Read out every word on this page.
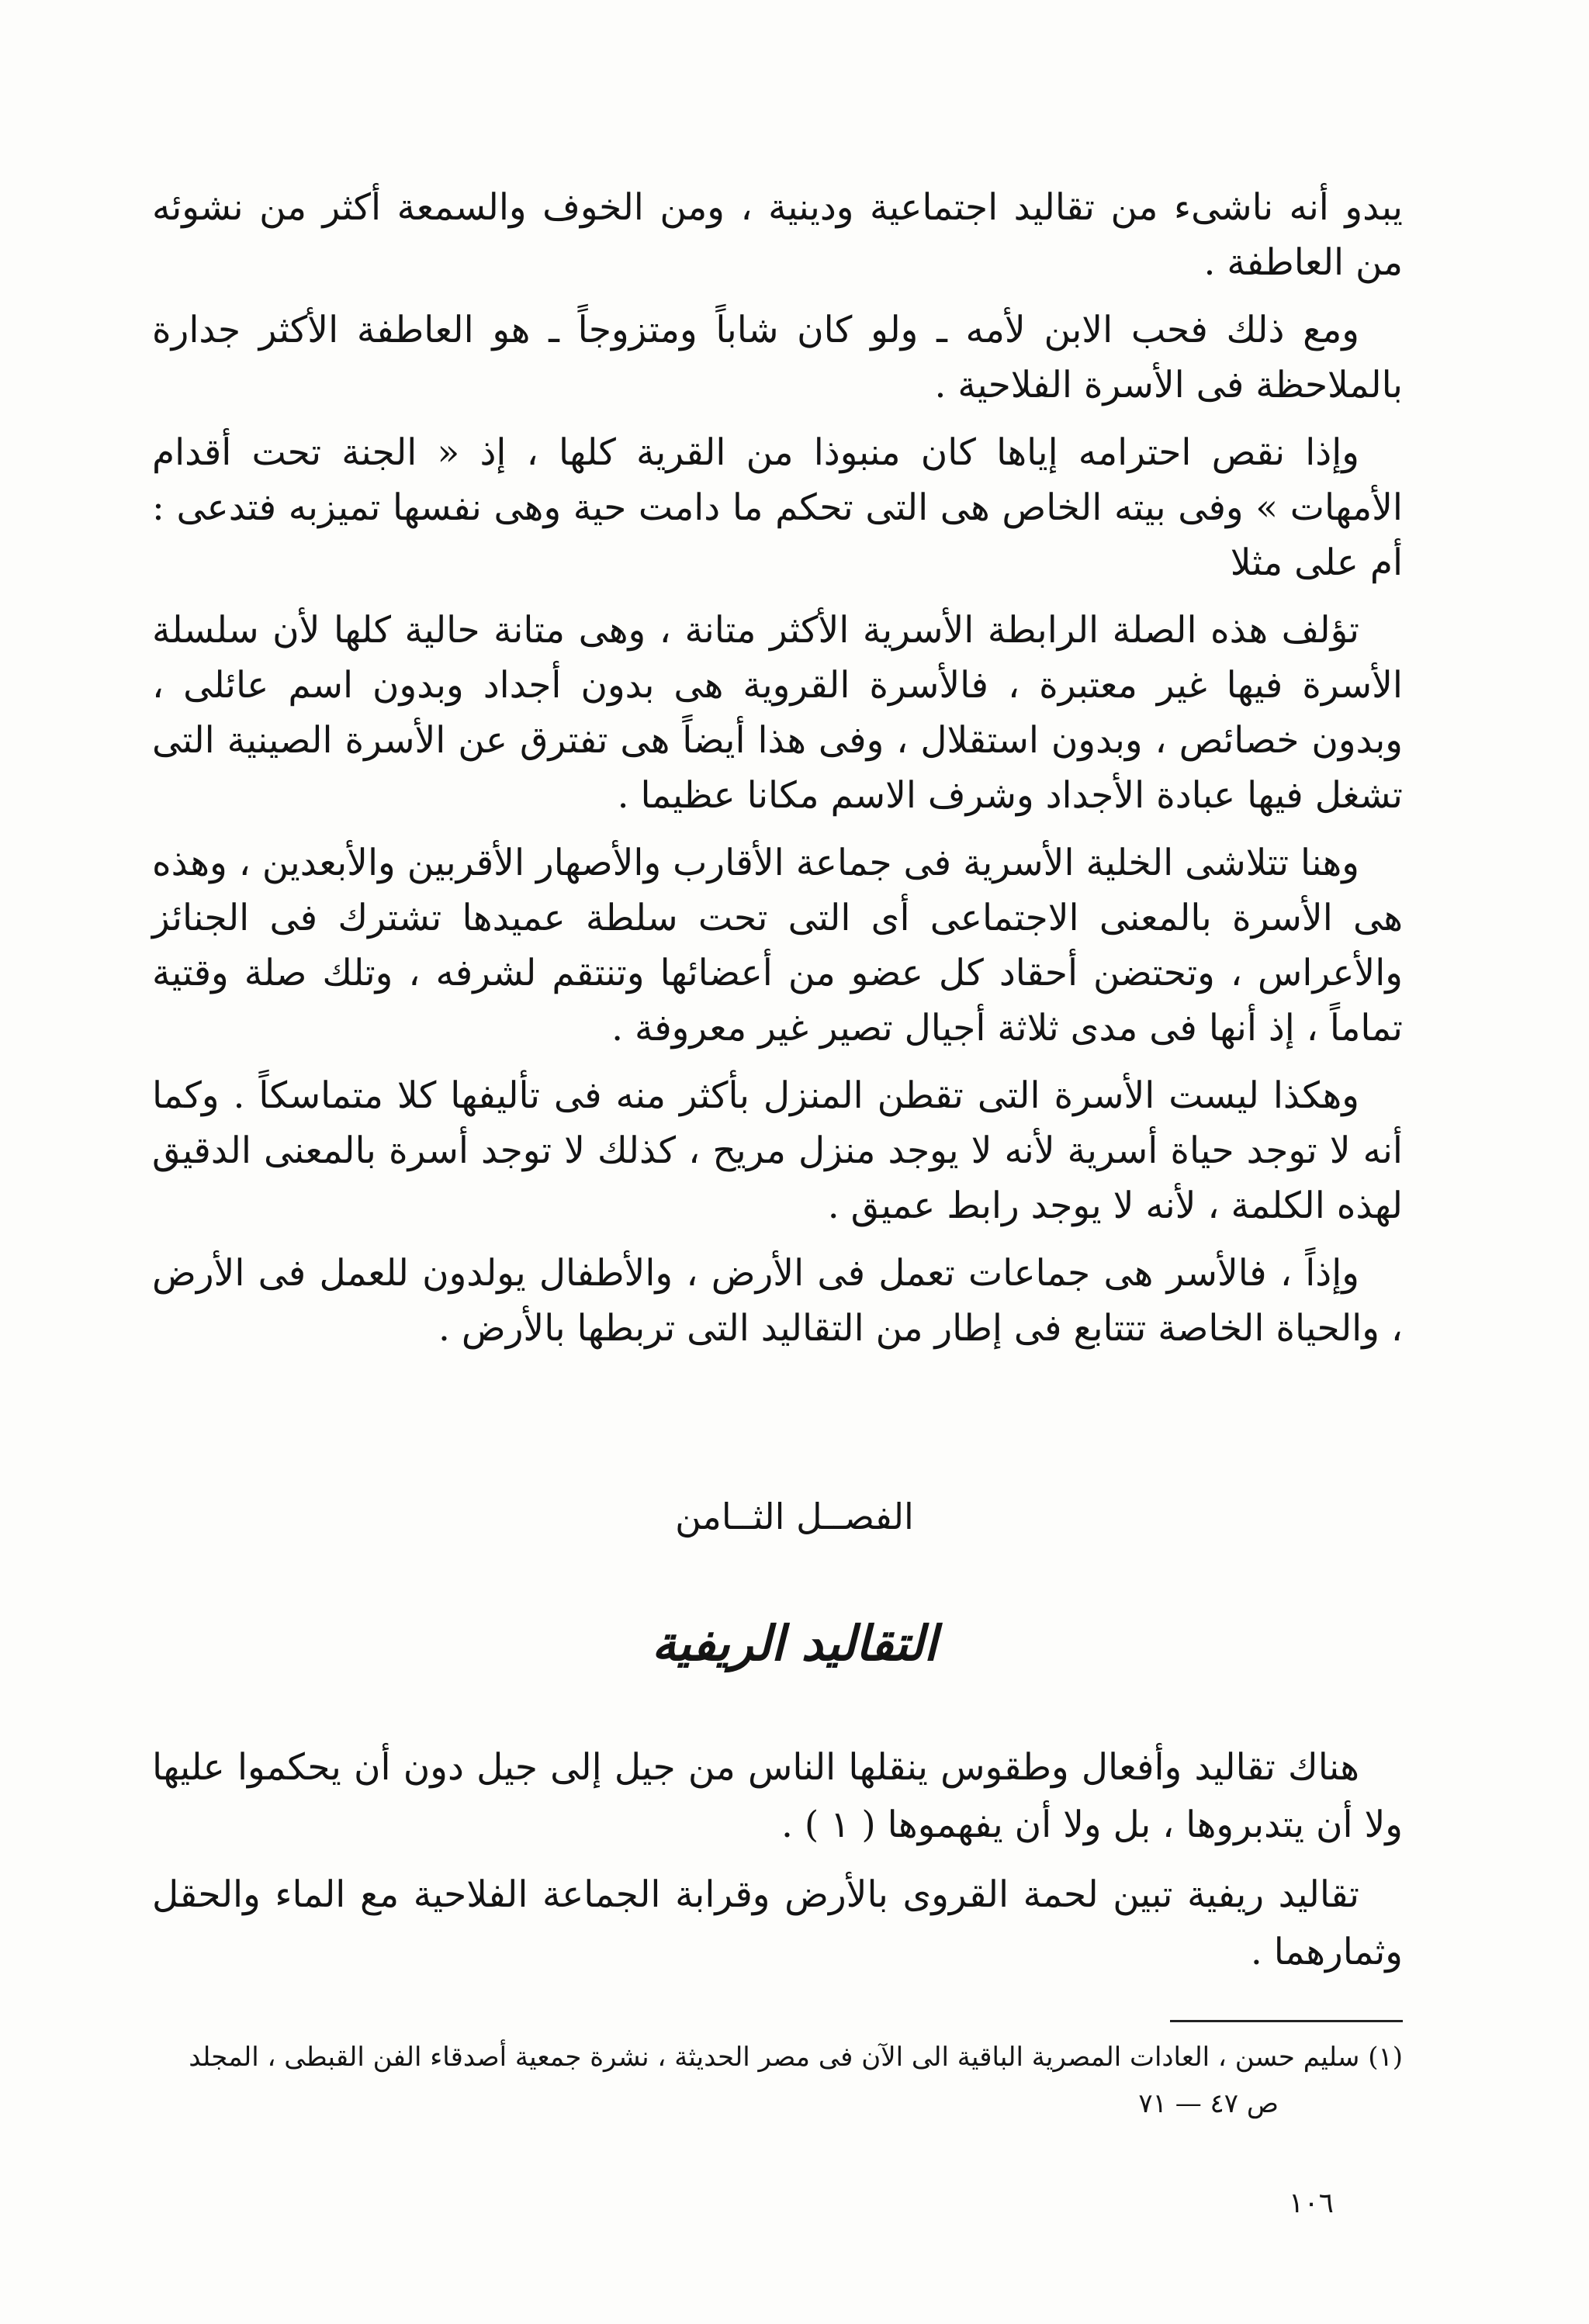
يبدو أنه ناشىء من تقاليد اجتماعية ودينية ، ومن الخوف والسمعة أكثر من نشوئه من العاطفة .

ومع ذلك فحب الابن لأمه ـ ولو كان شاباً ومتزوجاً ـ هو العاطفة الأكثر جدارة بالملاحظة فى الأسرة الفلاحية .

وإذا نقص احترامه إياها كان منبوذا من القرية كلها ، إذ « الجنة تحت أقدام الأمهات » وفى بيته الخاص هى التى تحكم ما دامت حية وهى نفسها تميزبه فتدعى : أم على مثلا

تؤلف هذه الصلة الرابطة الأسرية الأكثر متانة ، وهى متانة حالية كلها لأن سلسلة الأسرة فيها غير معتبرة ، فالأسرة القروية هى بدون أجداد وبدون اسم عائلى ، وبدون خصائص ، وبدون استقلال ، وفى هذا أيضاً هى تفترق عن الأسرة الصينية التى تشغل فيها عبادة الأجداد وشرف الاسم مكانا عظيما .

وهنا تتلاشى الخلية الأسرية فى جماعة الأقارب والأصهار الأقربين والأبعدين ، وهذه هى الأسرة بالمعنى الاجتماعى أى التى تحت سلطة عميدها تشترك فى الجنائز والأعراس ، وتحتضن أحقاد كل عضو من أعضائها وتنتقم لشرفه ، وتلك صلة وقتية تماماً ، إذ أنها فى مدى ثلاثة أجيال تصير غير معروفة .

وهكذا ليست الأسرة التى تقطن المنزل بأكثر منه فى تأليفها كلا متماسكاً . وكما أنه لا توجد حياة أسرية لأنه لا يوجد منزل مريح ، كذلك لا توجد أسرة بالمعنى الدقيق لهذه الكلمة ، لأنه لا يوجد رابط عميق .

وإذاً ، فالأسر هى جماعات تعمل فى الأرض ، والأطفال يولدون للعمل فى الأرض ، والحياة الخاصة تتتابع فى إطار من التقاليد التى تربطها بالأرض .

الفصــل الثــامن
التقاليد الريفية

هناك تقاليد وأفعال وطقوس ينقلها الناس من جيل إلى جيل دون أن يحكموا عليها ولا أن يتدبروها ، بل ولا أن يفهموها ( ١ ) .

تقاليد ريفية تبين لحمة القروى بالأرض وقرابة الجماعة الفلاحية مع الماء والحقل وثمارهما .

(١) سليم حسن ، العادات المصرية الباقية الى الآن فى مصر الحديثة ، نشرة جمعية أصدقاء الفن القبطى ، المجلد
ص ٤٧ — ٧١
١٠٦
